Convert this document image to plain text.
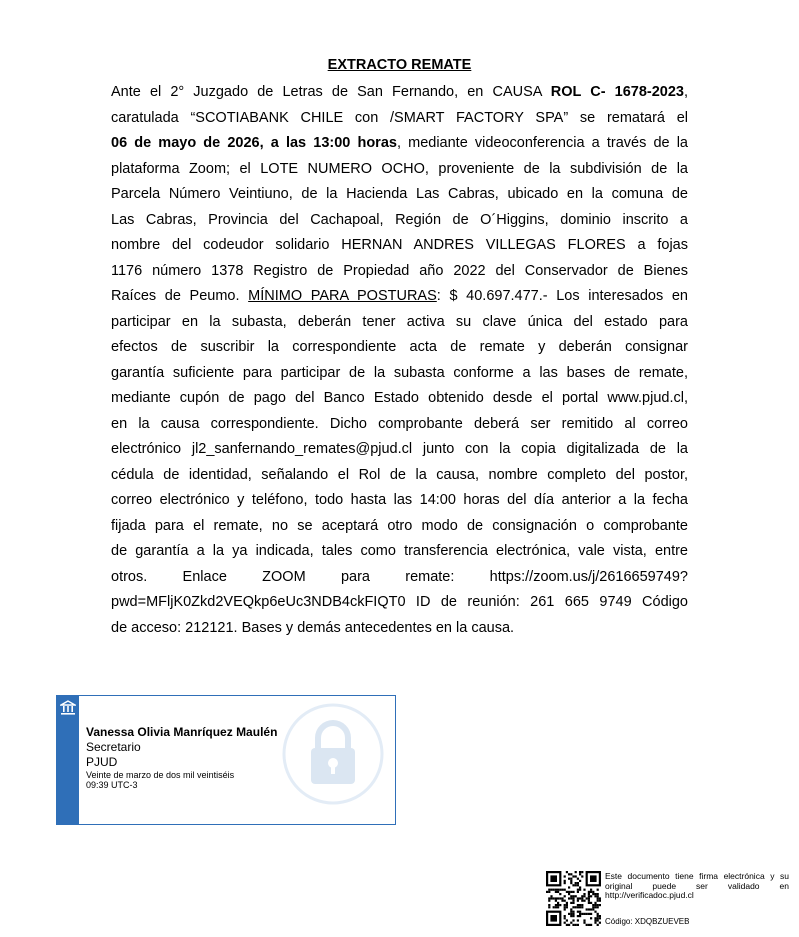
EXTRACTO REMATE
Ante el 2° Juzgado de Letras de San Fernando, en CAUSA ROL C- 1678-2023,
caratulada “SCOTIABANK CHILE con /SMART FACTORY SPA” se rematará el
06 de mayo de 2026, a las 13:00 horas, mediante videoconferencia a través de la
plataforma Zoom; el LOTE NUMERO OCHO, proveniente de la subdivisión de la
Parcela Número Veintiuno, de la Hacienda Las Cabras, ubicado en la comuna de
Las Cabras, Provincia del Cachapoal, Región de O´Higgins, dominio inscrito a
nombre del codeudor solidario HERNAN ANDRES VILLEGAS FLORES a fojas
1176 número 1378 Registro de Propiedad año 2022 del Conservador de Bienes
Raíces de Peumo. MÍNIMO PARA POSTURAS: $ 40.697.477.- Los interesados en
participar en la subasta, deberán tener activa su clave única del estado para
efectos de suscribir la correspondiente acta de remate y deberán consignar
garantía suficiente para participar de la subasta conforme a las bases de remate,
mediante cupón de pago del Banco Estado obtenido desde el portal www.pjud.cl,
en la causa correspondiente. Dicho comprobante deberá ser remitido al correo
electrónico jl2_sanfernando_remates@pjud.cl junto con la copia digitalizada de la
cédula de identidad, señalando el Rol de la causa, nombre completo del postor,
correo electrónico y teléfono, todo hasta las 14:00 horas del día anterior a la fecha
fijada para el remate, no se aceptará otro modo de consignación o comprobante
de garantía a la ya indicada, tales como transferencia electrónica, vale vista, entre
otros. Enlace ZOOM para remate: https://zoom.us/j/2616659749?
pwd=MFljK0Zkd2VEQkp6eUc3NDB4ckFIQT0 ID de reunión: 261 665 9749 Código
de acceso: 212121. Bases y demás antecedentes en la causa.
Vanessa Olivia Manríquez Maulén
Secretario
PJUD
Veinte de marzo de dos mil veintiséis
09:39 UTC-3
Este documento tiene firma electrónica y su original puede ser validado en http://verificadoc.pjud.cl
Código: XDQBZUEVEB
